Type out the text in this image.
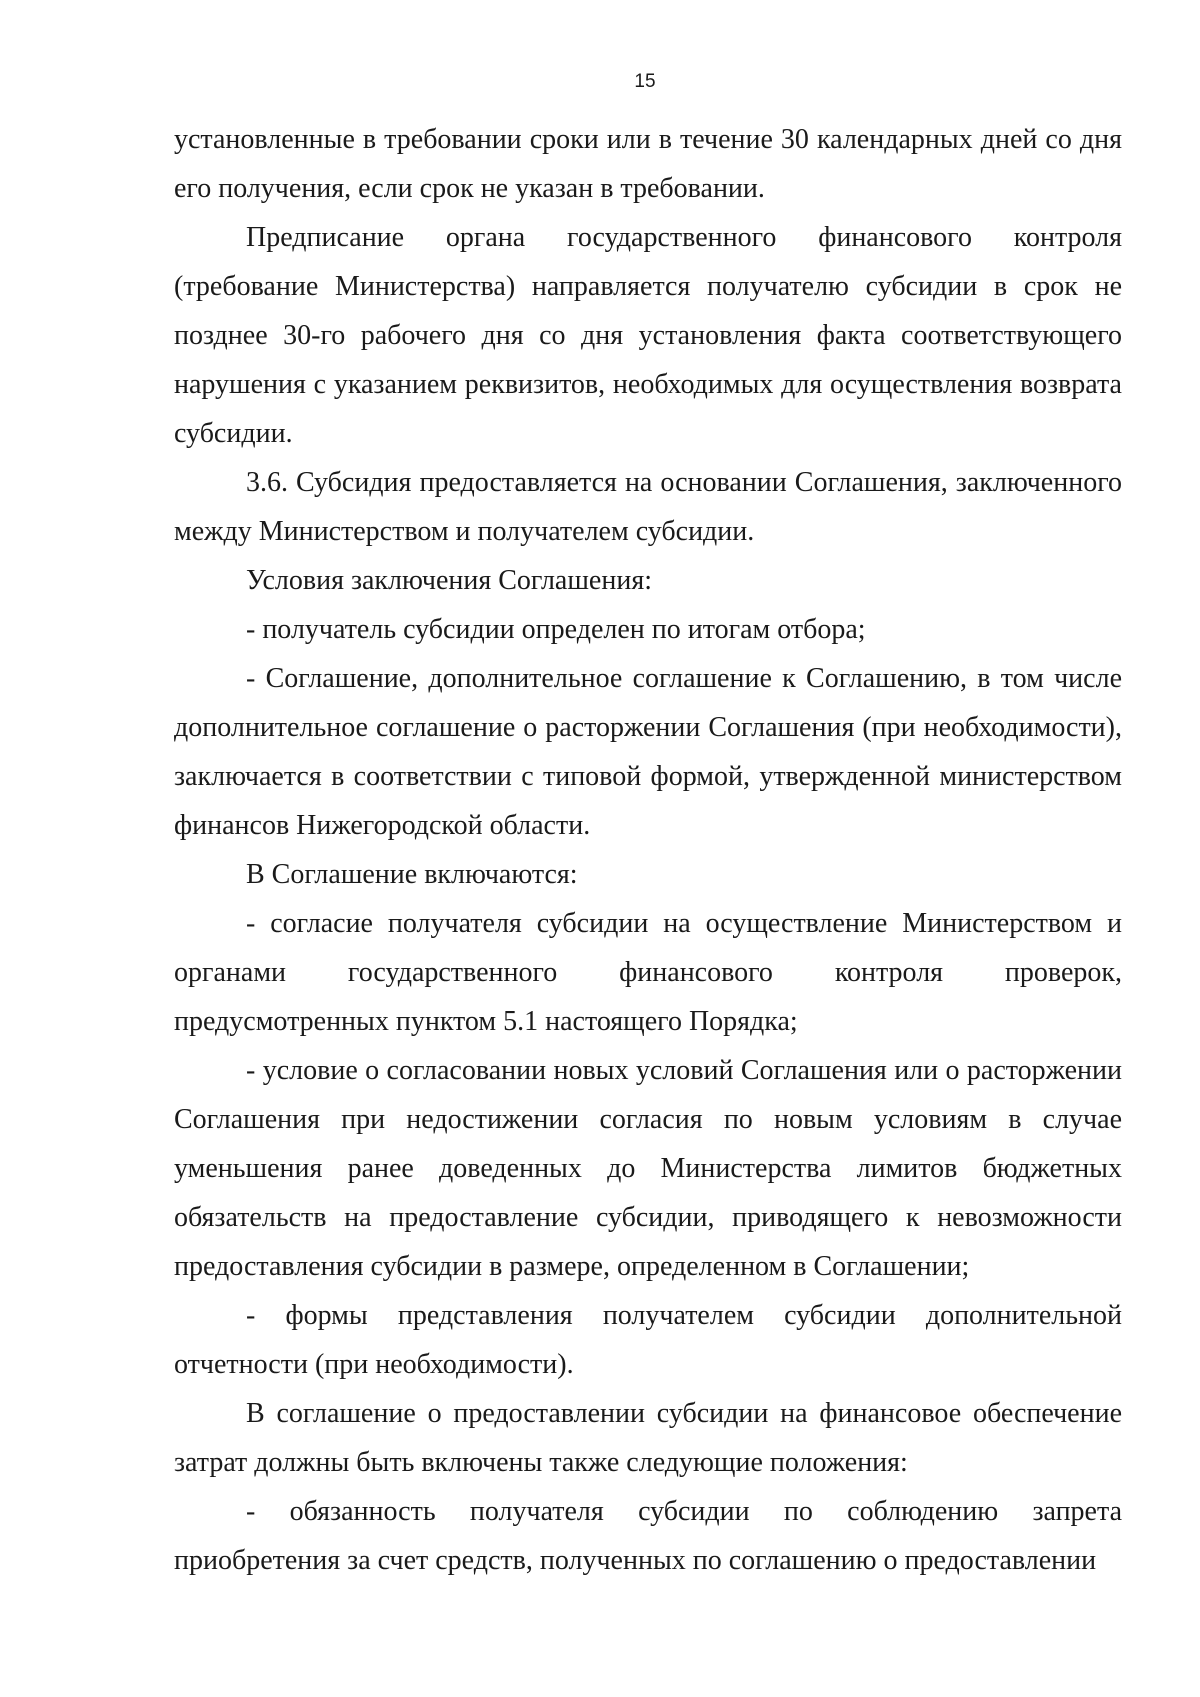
15

установленные в требовании сроки или в течение 30 календарных дней со дня его получения, если срок не указан в требовании.

Предписание органа государственного финансового контроля (требование Министерства) направляется получателю субсидии в срок не позднее 30-го рабочего дня со дня установления факта соответствующего нарушения с указанием реквизитов, необходимых для осуществления возврата субсидии.

3.6. Субсидия предоставляется на основании Соглашения, заключенного между Министерством и получателем субсидии.

Условия заключения Соглашения:

- получатель субсидии определен по итогам отбора;

- Соглашение, дополнительное соглашение к Соглашению, в том числе дополнительное соглашение о расторжении Соглашения (при необходимости), заключается в соответствии с типовой формой, утвержденной министерством финансов Нижегородской области.

В Соглашение включаются:

- согласие получателя субсидии на осуществление Министерством и органами государственного финансового контроля проверок, предусмотренных пунктом 5.1 настоящего Порядка;

- условие о согласовании новых условий Соглашения или о расторжении Соглашения при недостижении согласия по новым условиям в случае уменьшения ранее доведенных до Министерства лимитов бюджетных обязательств на предоставление субсидии, приводящего к невозможности предоставления субсидии в размере, определенном в Соглашении;

- формы представления получателем субсидии дополнительной отчетности (при необходимости).

В соглашение о предоставлении субсидии на финансовое обеспечение затрат должны быть включены также следующие положения:

- обязанность получателя субсидии по соблюдению запрета приобретения за счет средств, полученных по соглашению о предоставлении
